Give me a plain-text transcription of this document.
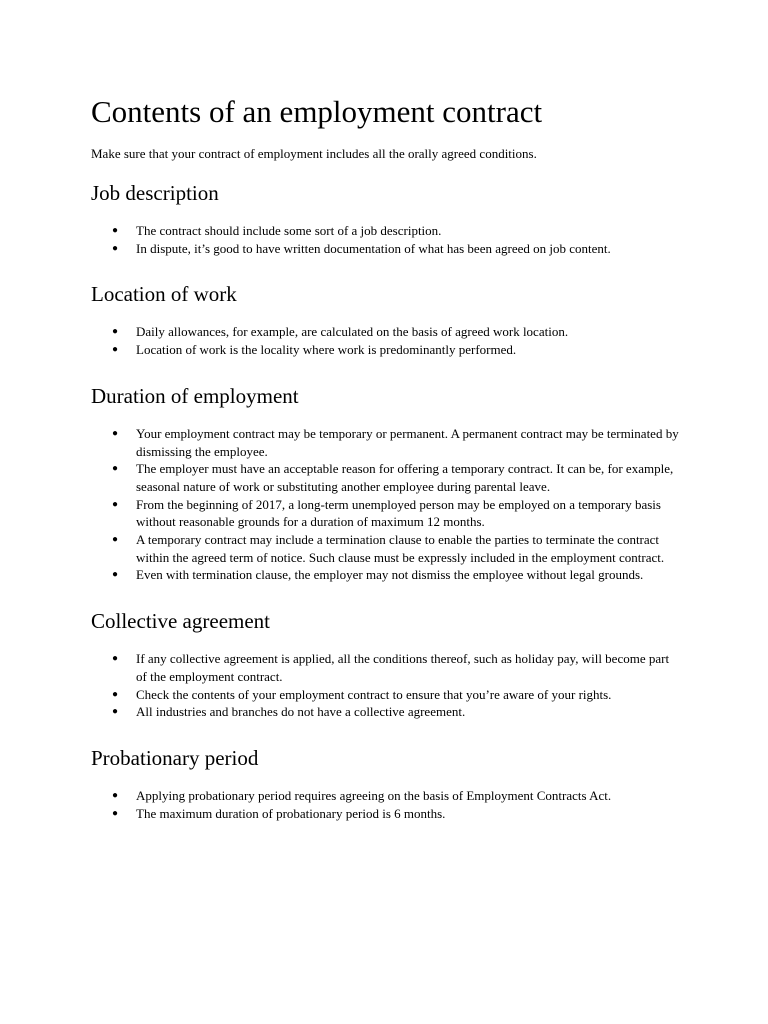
Contents of an employment contract

Make sure that your contract of employment includes all the orally agreed conditions.

Job description
● The contract should include some sort of a job description.
● In dispute, it’s good to have written documentation of what has been agreed on job content.
Location of work
● Daily allowances, for example, are calculated on the basis of agreed work location.
● Location of work is the locality where work is predominantly performed.
Duration of employment
● Your employment contract may be temporary or permanent. A permanent contract may be terminated by dismissing the employee.
● The employer must have an acceptable reason for offering a temporary contract. It can be, for example, seasonal nature of work or substituting another employee during parental leave.
● From the beginning of 2017, a long-term unemployed person may be employed on a temporary basis without reasonable grounds for a duration of maximum 12 months.
● A temporary contract may include a termination clause to enable the parties to terminate the contract within the agreed term of notice. Such clause must be expressly included in the employment contract.
● Even with termination clause, the employer may not dismiss the employee without legal grounds.
Collective agreement
● If any collective agreement is applied, all the conditions thereof, such as holiday pay, will become part of the employment contract.
● Check the contents of your employment contract to ensure that you’re aware of your rights.
● All industries and branches do not have a collective agreement.
Probationary period
● Applying probationary period requires agreeing on the basis of Employment Contracts Act.
● The maximum duration of probationary period is 6 months.
